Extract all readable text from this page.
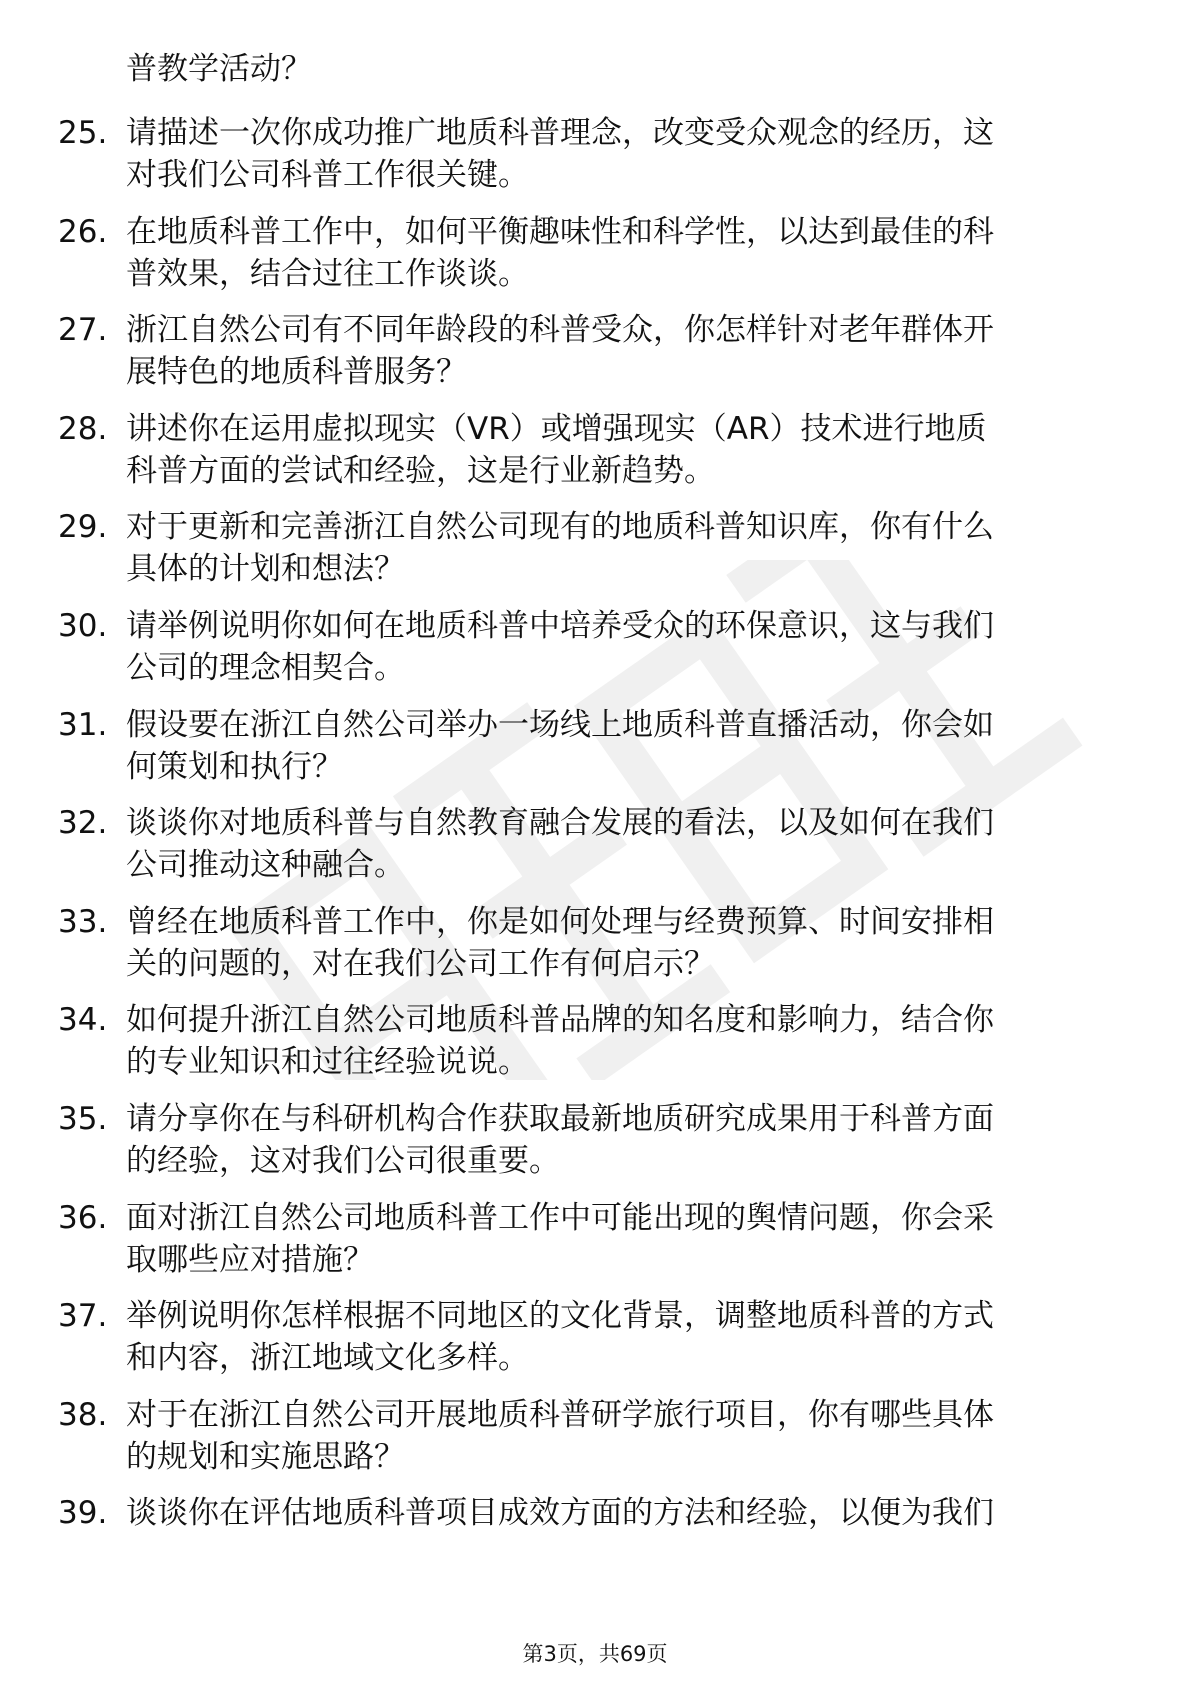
普教学活动？
25. 请描述一次你成功推广地质科普理念，改变受众观念的经历，这
对我们公司科普工作很关键。
26. 在地质科普工作中，如何平衡趣味性和科学性，以达到最佳的科
普效果，结合过往工作谈谈。
27. 浙江自然公司有不同年龄段的科普受众，你怎样针对老年群体开
展特色的地质科普服务？
28. 讲述你在运用虚拟现实（VR）或增强现实（AR）技术进行地质
科普方面的尝试和经验，这是行业新趋势。
29. 对于更新和完善浙江自然公司现有的地质科普知识库，你有什么
具体的计划和想法？
30. 请举例说明你如何在地质科普中培养受众的环保意识，这与我们
公司的理念相契合。
31. 假设要在浙江自然公司举办一场线上地质科普直播活动，你会如
何策划和执行？
32. 谈谈你对地质科普与自然教育融合发展的看法，以及如何在我们
公司推动这种融合。
33. 曾经在地质科普工作中，你是如何处理与经费预算、时间安排相
关的问题的，对在我们公司工作有何启示？
34. 如何提升浙江自然公司地质科普品牌的知名度和影响力，结合你
的专业知识和过往经验说说。
35. 请分享你在与科研机构合作获取最新地质研究成果用于科普方面
的经验，这对我们公司很重要。
36. 面对浙江自然公司地质科普工作中可能出现的舆情问题，你会采
取哪些应对措施？
37. 举例说明你怎样根据不同地区的文化背景，调整地质科普的方式
和内容，浙江地域文化多样。
38. 对于在浙江自然公司开展地质科普研学旅行项目，你有哪些具体
的规划和实施思路？
39. 谈谈你在评估地质科普项目成效方面的方法和经验，以便为我们
第3页，共69页
